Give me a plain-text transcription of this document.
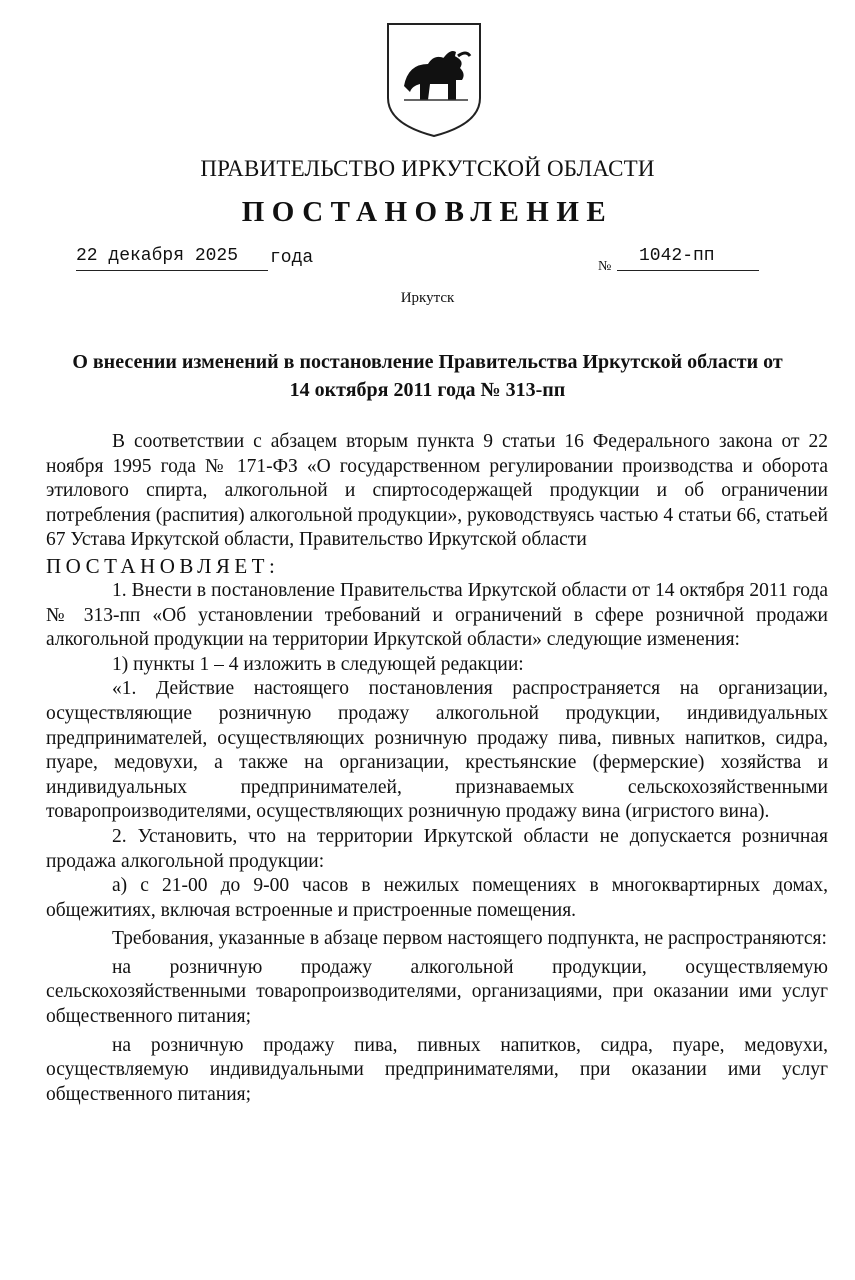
ПРАВИТЕЛЬСТВО ИРКУТСКОЙ ОБЛАСТИ
ПОСТАНОВЛЕНИЕ
22 декабря 2025	года	№
1042-пп
Иркутск
О внесении изменений в постановление Правительства Иркутской области от 14 октября 2011 года № 313-пп

В соответствии с абзацем вторым пункта 9 статьи 16 Федерального закона от 22 ноября 1995 года № 171-ФЗ «О государственном регулировании производства и оборота этилового спирта, алкогольной и спиртосодержащей продукции и об ограничении потребления (распития) алкогольной продукции», руководствуясь частью 4 статьи 66, статьей 67 Устава Иркутской области, Правительство Иркутской области

ПОСТАНОВЛЯЕТ:

1. Внести в постановление Правительства Иркутской области от 14 октября 2011 года № 313-пп «Об установлении требований и ограничений в сфере розничной продажи алкогольной продукции на территории Иркутской области» следующие изменения:

1) пункты 1 – 4 изложить в следующей редакции:

«1. Действие настоящего постановления распространяется на организации, осуществляющие розничную продажу алкогольной продукции, индивидуальных предпринимателей, осуществляющих розничную продажу пива, пивных напитков, сидра, пуаре, медовухи, а также на организации, крестьянские (фермерские) хозяйства и индивидуальных предпринимателей, признаваемых сельскохозяйственными товаропроизводителями, осуществляющих розничную продажу вина (игристого вина).

2. Установить, что на территории Иркутской области не допускается розничная продажа алкогольной продукции:

а) с 21-00 до 9-00 часов в нежилых помещениях в многоквартирных домах, общежитиях, включая встроенные и пристроенные помещения.

Требования, указанные в абзаце первом настоящего подпункта, не распространяются:

на розничную продажу алкогольной продукции, осуществляемую сельскохозяйственными товаропроизводителями, организациями, при оказании ими услуг общественного питания;

на розничную продажу пива, пивных напитков, сидра, пуаре, медовухи, осуществляемую индивидуальными предпринимателями, при оказании ими услуг общественного питания;
